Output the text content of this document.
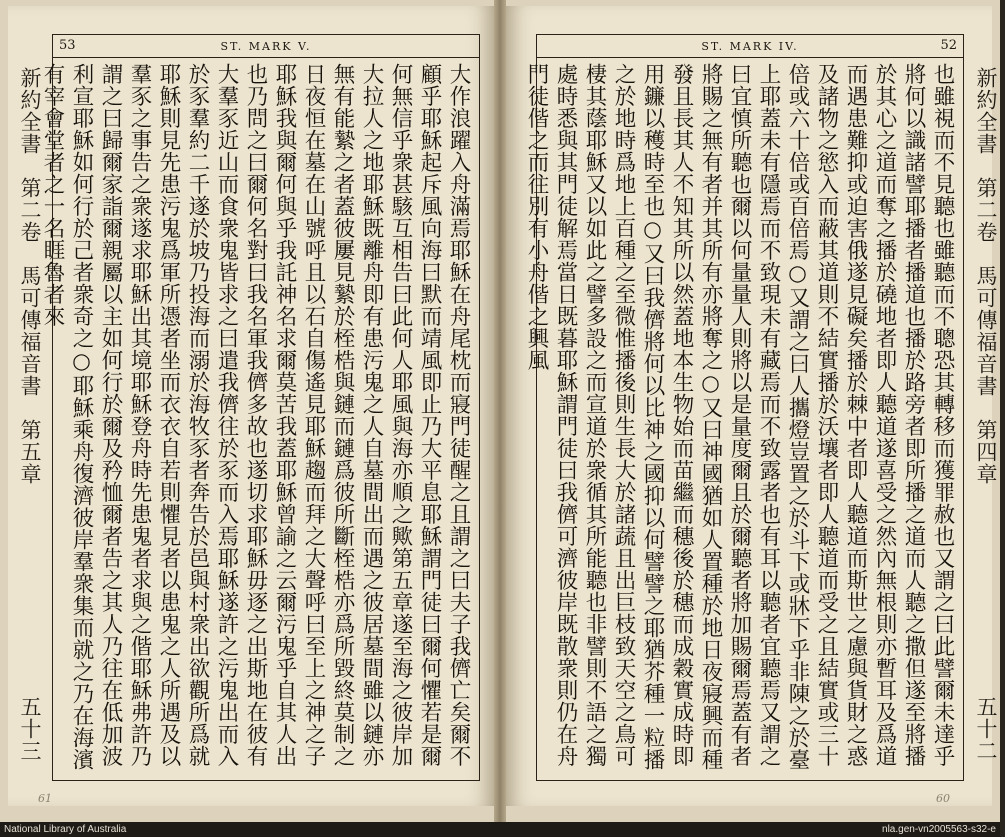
53	ST. MARK V.
新約全書第二卷馬可傳福音書第五章
五十三	大作浪躍入舟滿焉耶穌在舟尾枕而寢門徒醒之且謂之曰夫子我儕亡矣爾不顧乎耶穌起斥風向海曰默而靖風即止乃大平息耶穌謂門徒曰爾何懼若是爾何無信乎衆甚駭互相告曰此何人耶風與海亦順之歟第五章遂至海之彼岸加大拉人之地耶穌既離舟即有患污鬼之人自墓間出而遇之彼居墓間雖以鏈亦無有能縶之者蓋彼屢見縶於桎梏與鏈而鏈爲彼所斷桎梏亦爲所毀終莫制之日夜恒在墓在山號呼且以石自傷遙見耶穌趨而拜之大聲呼曰至上之神之子耶穌我與爾何與乎我託神名求爾莫苦我蓋耶穌曾諭之云爾污鬼乎自其人出也乃問之曰爾何名對曰我名軍我儕多故也遂切求耶穌毋逐之出斯地在彼有大羣豕近山而食衆鬼皆求之曰遣我儕往於豕而入焉耶穌遂許之污鬼出而入於豕羣約二千遂於坡乃投海而溺於海牧豕者奔告於邑與村衆出欲觀所爲就耶穌則見先患污鬼爲軍所憑者坐而衣衣自若則懼見者以患鬼之人所遇及以羣豕之事告之衆遂求耶穌出其境耶穌登舟時先患鬼者求與之偕耶穌弗許乃謂之曰歸爾家詣爾親屬以主如何行於爾及矜恤爾者告之其人乃往在低加波利宣耶穌如何行於己者衆奇之○耶穌乘舟復濟彼岸羣衆集而就之乃在海濱有宰會堂者之一名睚魯者來
61
ST. MARK IV.	52
新約全書第二卷馬可傳福音書第四章
五十二
也雖視而不見聽也雖聽而不聰恐其轉移而獲罪赦也又謂之曰此譬爾未達乎將何以識諸譬耶播者播道也播於路旁者即所播之道而人聽之撒但遂至將播於其心之道而奪之播於磽地者即人聽道遂喜受之然內無根則亦暫耳及爲道而遇患難抑或迫害俄遂見礙矣播於棘中者即人聽道而斯世之慮與貨財之惑及諸物之慾入而蔽其道則不結實播於沃壤者即人聽道而受之且結實或三十倍或六十倍或百倍焉○又謂之曰人攜燈豈置之於斗下或牀下乎非陳之於臺上耶蓋未有隱焉而不致現未有藏焉而不致露者也有耳以聽者宜聽焉又謂之曰宜慎所聽也爾以何量量人則將以是量度爾且於爾聽者將加賜爾焉蓋有者將賜之無有者并其所有亦將奪之○又曰神國猶如人置種於地日夜寢興而種發且長其人不知其所以然蓋地本生物始而苗繼而穗後於穗而成穀實成時即用鐮以穫時至也○又曰我儕將何以比神之國抑以何譬譬之耶猶芥種一粒播之於地時爲地上百種之至微惟播後則生長大於諸蔬且出巨枝致天空之鳥可棲其蔭耶穌又以如此之譬多設之而宣道於衆循其所能聽也非譬則不語之獨處時悉與其門徒解焉當日既暮耶穌謂門徒曰我儕可濟彼岸既散衆則仍在舟門徒偕之而往別有小舟偕之興風
60
National Library of Australia	nla.gen-vn2005563-s32-e
